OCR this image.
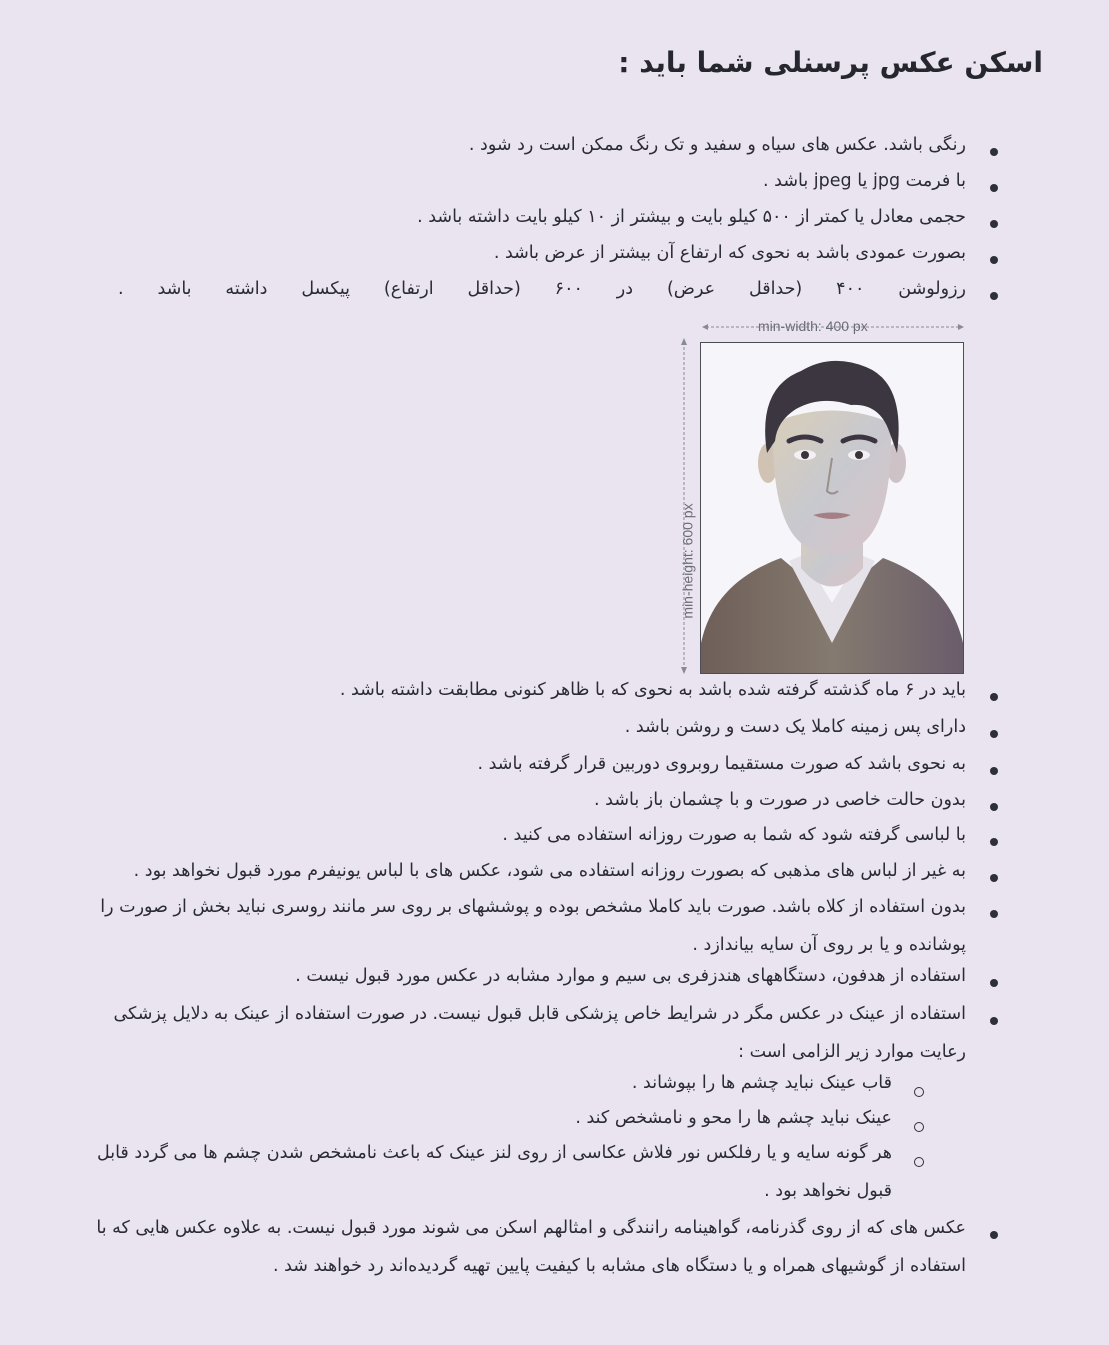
اسکن عکس پرسنلی شما باید :
رنگی باشد. عکس های سیاه و سفید و تک رنگ ممکن است رد شود .
با فرمت jpg یا jpeg باشد .
حجمی معادل یا کمتر از ۵۰۰ کیلو بایت و بیشتر از ۱۰ کیلو بایت داشته باشد .
بصورت عمودی باشد به نحوی که ارتفاع آن بیشتر از عرض باشد .
رزولوشن ۴۰۰ (حداقل عرض) در ۶۰۰ (حداقل ارتفاع) پیکسل داشته باشد .
min-width: 400 px
min-height: 600 px
باید در ۶ ماه گذشته گرفته شده باشد به نحوی که با ظاهر کنونی مطابقت داشته باشد .
دارای پس زمینه کاملا یک دست و روشن باشد .
به نحوی باشد که صورت مستقیما روبروی دوربین قرار گرفته باشد .
بدون حالت خاصی در صورت و با چشمان باز باشد .
با لباسی گرفته شود که شما به صورت روزانه استفاده می کنید .
به غیر از لباس های مذهبی که بصورت روزانه استفاده می شود، عکس های با لباس یونیفرم مورد قبول نخواهد بود .
بدون استفاده از کلاه باشد. صورت باید کاملا مشخص بوده و پوششهای بر روی سر مانند روسری نباید بخش از صورت را پوشانده و یا بر روی آن سایه بیاندازد .
استفاده از هدفون، دستگاههای هندزفری بی سیم و موارد مشابه در عکس مورد قبول نیست .
استفاده از عینک در عکس مگر در شرایط خاص پزشکی قابل قبول نیست. در صورت استفاده از عینک به دلایل پزشکی رعایت موارد زیر الزامی است :
قاب عینک نباید چشم ها را بپوشاند .
عینک نباید چشم ها را محو و نامشخص کند .
هر گونه سایه و یا رفلکس نور فلاش عکاسی از روی لنز عینک که باعث نامشخص شدن چشم ها می گردد قابل قبول نخواهد بود .
عکس های که از روی گذرنامه، گواهینامه رانندگی و امثالهم اسکن می شوند مورد قبول نیست. به علاوه عکس هایی که با استفاده از گوشیهای همراه و یا دستگاه های مشابه با کیفیت پایین تهیه گردیده‌اند رد خواهند شد .
